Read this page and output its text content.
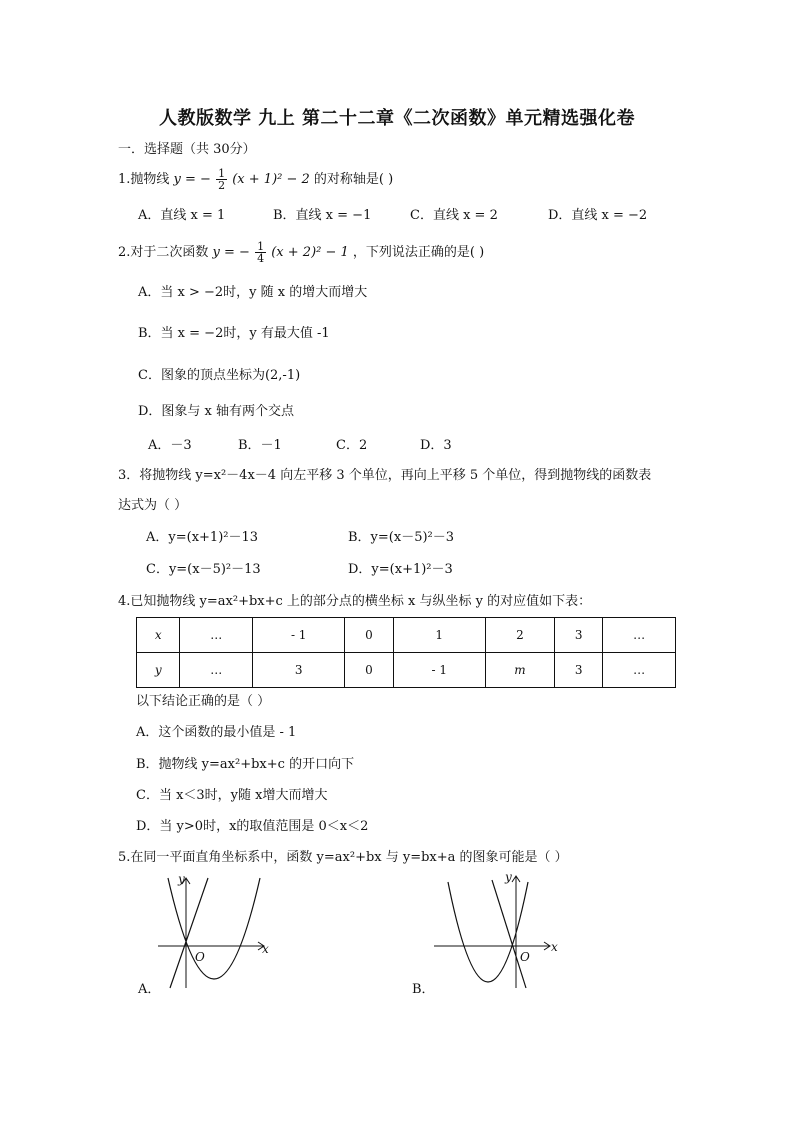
人教版数学 九上 第二十二章《二次函数》单元精选强化卷
一．选择题（共 30分）
1.抛物线 y = − $\frac{1}{2} (x + 1)^2 - 2$ 的对称轴是( )
A．直线 x = 1	B．直线 x = −1	C．直线 x = 2	D．直线 x = −2
2.对于二次函数 y = − $\frac{1}{4} (x + 2)^2 - 1$ ，下列说法正确的是( )
A．当 x > −2时，y 随 x 的增大而增大
B．当 x = −2时，y 有最大值 -1
C．图象的顶点坐标为(2,-1)
D．图象与 x 轴有两个交点
A．－3	B．－1	C．2	D．3
3．将抛物线 y=x²－4x－4 向左平移 3 个单位，再向上平移 5 个单位，得到抛物线的函数表
达式为（ ）
A．y=(x+1)²－13	B．y=(x－5)²－3
C．y=(x－5)²－13	D．y=(x+1)²－3
4.已知抛物线 y=ax²+bx+c 上的部分点的横坐标 x 与纵坐标 y 的对应值如下表：
x	…	- 1	0	1	2	3	…
y	…	3	0	- 1	m	3	…
以下结论正确的是（ ）
A．这个函数的最小值是 - 1
B．抛物线 y=ax²+bx+c 的开口向下
C．当 x＜3时，y随 x增大而增大
D．当 y>0时，x的取值范围是 0＜x＜2
5.在同一平面直角坐标系中，函数 y=ax²+bx 与 y=bx+a 的图象可能是（ ）
y
x
O
A．
y
x
O
B．
